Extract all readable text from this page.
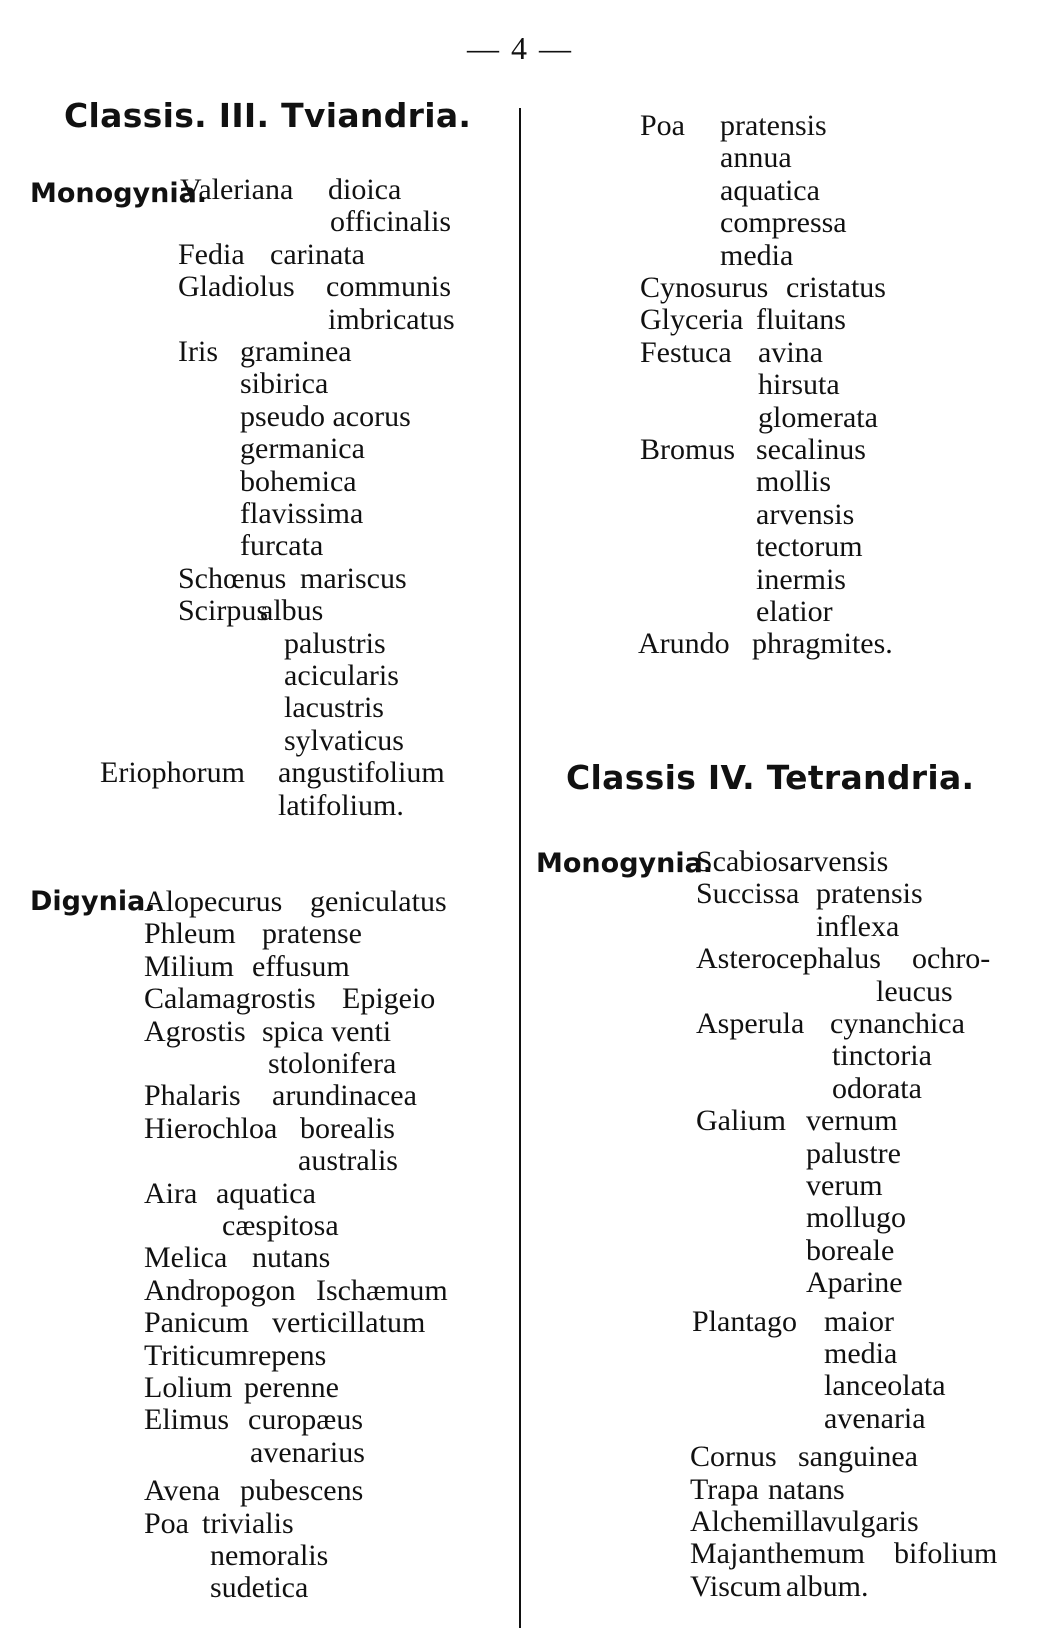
— 4 —
Classis. III. Tviandria.
Monogynia.
Digynia.
Valeriana dioica
officinalis
Fedia carinata
Gladiolus communis
imbricatus
Iris graminea
sibirica
pseudo acorus
germanica
bohemica
flavissima
furcata
Schœnus mariscus
Scirpus
albus
palustris
acicularis
lacustris
sylvaticus
Eriophorum angustifolium
latifolium.
Alopecurus geniculatus
Phleum pratense
Milium effusum
Calamagrostis Epigeio
Agrostis spica venti
stolonifera
Phalaris arundinacea
Hierochloa borealis
australis
Aira aquatica
cæspitosa
Melica nutans
Andropogon Ischæmum
Panicum verticillatum
Triticum repens
Lolium perenne
Elimus curopæus
avenarius
Avena pubescens
Poa trivialis
nemoralis
sudetica
Poa pratensis
annua
aquatica
compressa
media
Cynosurus cristatus
Glyceria fluitans
Festuca avina
hirsuta
glomerata
Bromus secalinus
mollis
arvensis
tectorum
inermis
elatior
Arundo phragmites.
Classis IV. Tetrandria.
Monogynia.
Scabiosa
arvensis
Succissa pratensis
inflexa
Asterocephalus ochro-
leucus
Asperula cynanchica
tinctoria
odorata
Galium vernum
palustre
verum
mollugo
boreale
Aparine
Plantago maior
media
lanceolata
avenaria
Cornus sanguinea
Trapa natans
Alchemilla
vulgaris
Majanthemum bifolium
Viscum album.
